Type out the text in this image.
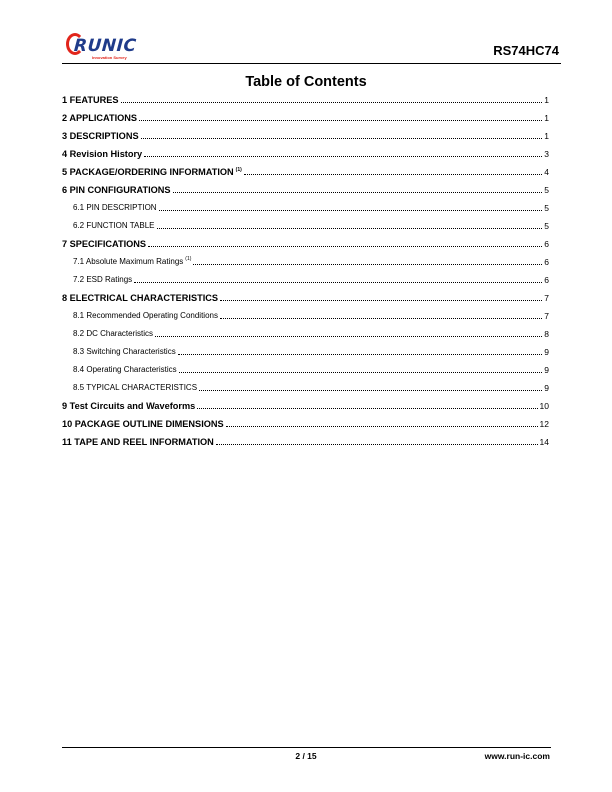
RUNIC
Innovation Survey	RS74HC74
Table of Contents
1 FEATURES	1
2 APPLICATIONS	1
3 DESCRIPTIONS	1
4 Revision History	3
5 PACKAGE/ORDERING INFORMATION $^{(1)}$	4
6 PIN CONFIGURATIONS	5
6.1 PIN DESCRIPTION	5
6.2 FUNCTION TABLE	5
7 SPECIFICATIONS	6
7.1 Absolute Maximum Ratings $^{(1)}$	6
7.2 ESD Ratings	6
8 ELECTRICAL CHARACTERISTICS	7
8.1 Recommended Operating Conditions	7
8.2 DC Characteristics	8
8.3 Switching Characteristics	9
8.4 Operating Characteristics	9
8.5 TYPICAL CHARACTERISTICS	9
9 Test Circuits and Waveforms	10
10 PACKAGE OUTLINE DIMENSIONS	12
11 TAPE AND REEL INFORMATION	14
2 / 15	www.run-ic.com
